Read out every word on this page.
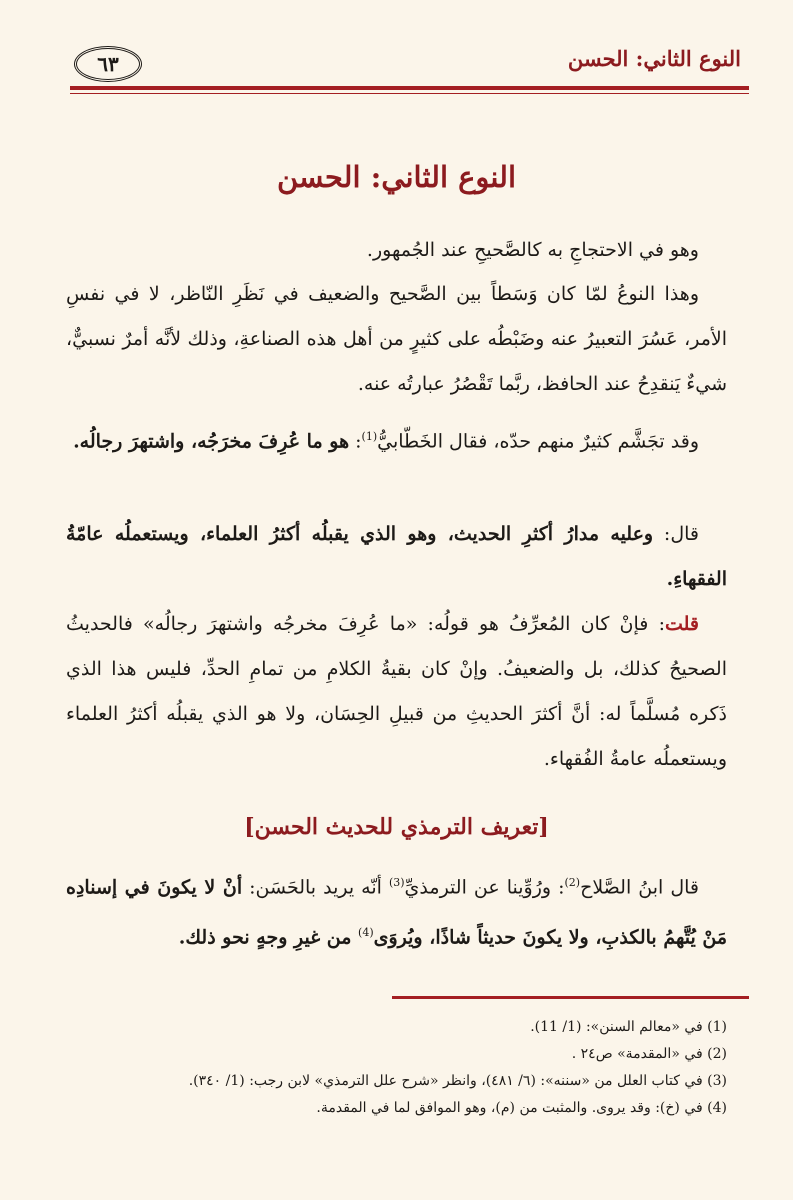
النوع الثاني: الحسن
٦٣
النوع الثاني: الحسن
وهو في الاحتجاجِ به كالصَّحيحِ عند الجُمهور.
وهذا النوعُ لمّا كان وَسَطاً بين الصَّحيح والضعيف في نَظَرِ النّاظر، لا في نفسِ الأمر، عَسُرَ التعبيرُ عنه وضَبْطُه على كثيرٍ من أهل هذه الصناعةِ، وذلك لأنَّه أمرٌ نسبيٌّ، شيءٌ يَنقدِحُ عند الحافظ، ربَّما تَقْصُرُ عبارتُه عنه.
وقد تجَشَّم كثيرٌ منهم حدّه، فقال الخَطّابيُّ$^{(1)}$: هو ما عُرِفَ مخرَجُه، واشتهرَ رجالُه.
قال: وعليه مدارُ أكثرِ الحديث، وهو الذي يقبلُه أكثرُ العلماء، ويستعملُه عامّةُ الفقهاءِ.
قلت: فإنْ كان المُعرِّفُ هو قولُه: «ما عُرِفَ مخرجُه واشتهرَ رجالُه» فالحديثُ الصحيحُ كذلك، بل والضعيفُ. وإنْ كان بقيةُ الكلامِ من تمامِ الحدِّ، فليس هذا الذي ذَكره مُسلَّماً له: أنَّ أكثرَ الحديثِ من قبيلِ الحِسَان، ولا هو الذي يقبلُه أكثرُ العلماء ويستعملُه عامةُ الفُقهاء.
[تعريف الترمذي للحديث الحسن]
قال ابنُ الصَّلاح$^{(2)}$: ورُوِّينا عن الترمذيِّ$^{(3)}$ أنّه يريد بالحَسَن: أنْ لا يكونَ في إسنادِه مَنْ يُتَّهمُ بالكذبِ، ولا يكونَ حديثاً شاذًا، ويُروَى$^{(4)}$ من غيرِ وجهٍ نحو ذلك.
(1) في «معالم السنن»: (1/ 11).
(2) في «المقدمة» ص٢٤ .
(3) في كتاب العلل من «سننه»: (٦/ ٤٨١)، وانظر «شرح علل الترمذي» لابن رجب: (1/ ٣٤٠).
(4) في (خ): وقد يروى. والمثبت من (م)، وهو الموافق لما في المقدمة.
